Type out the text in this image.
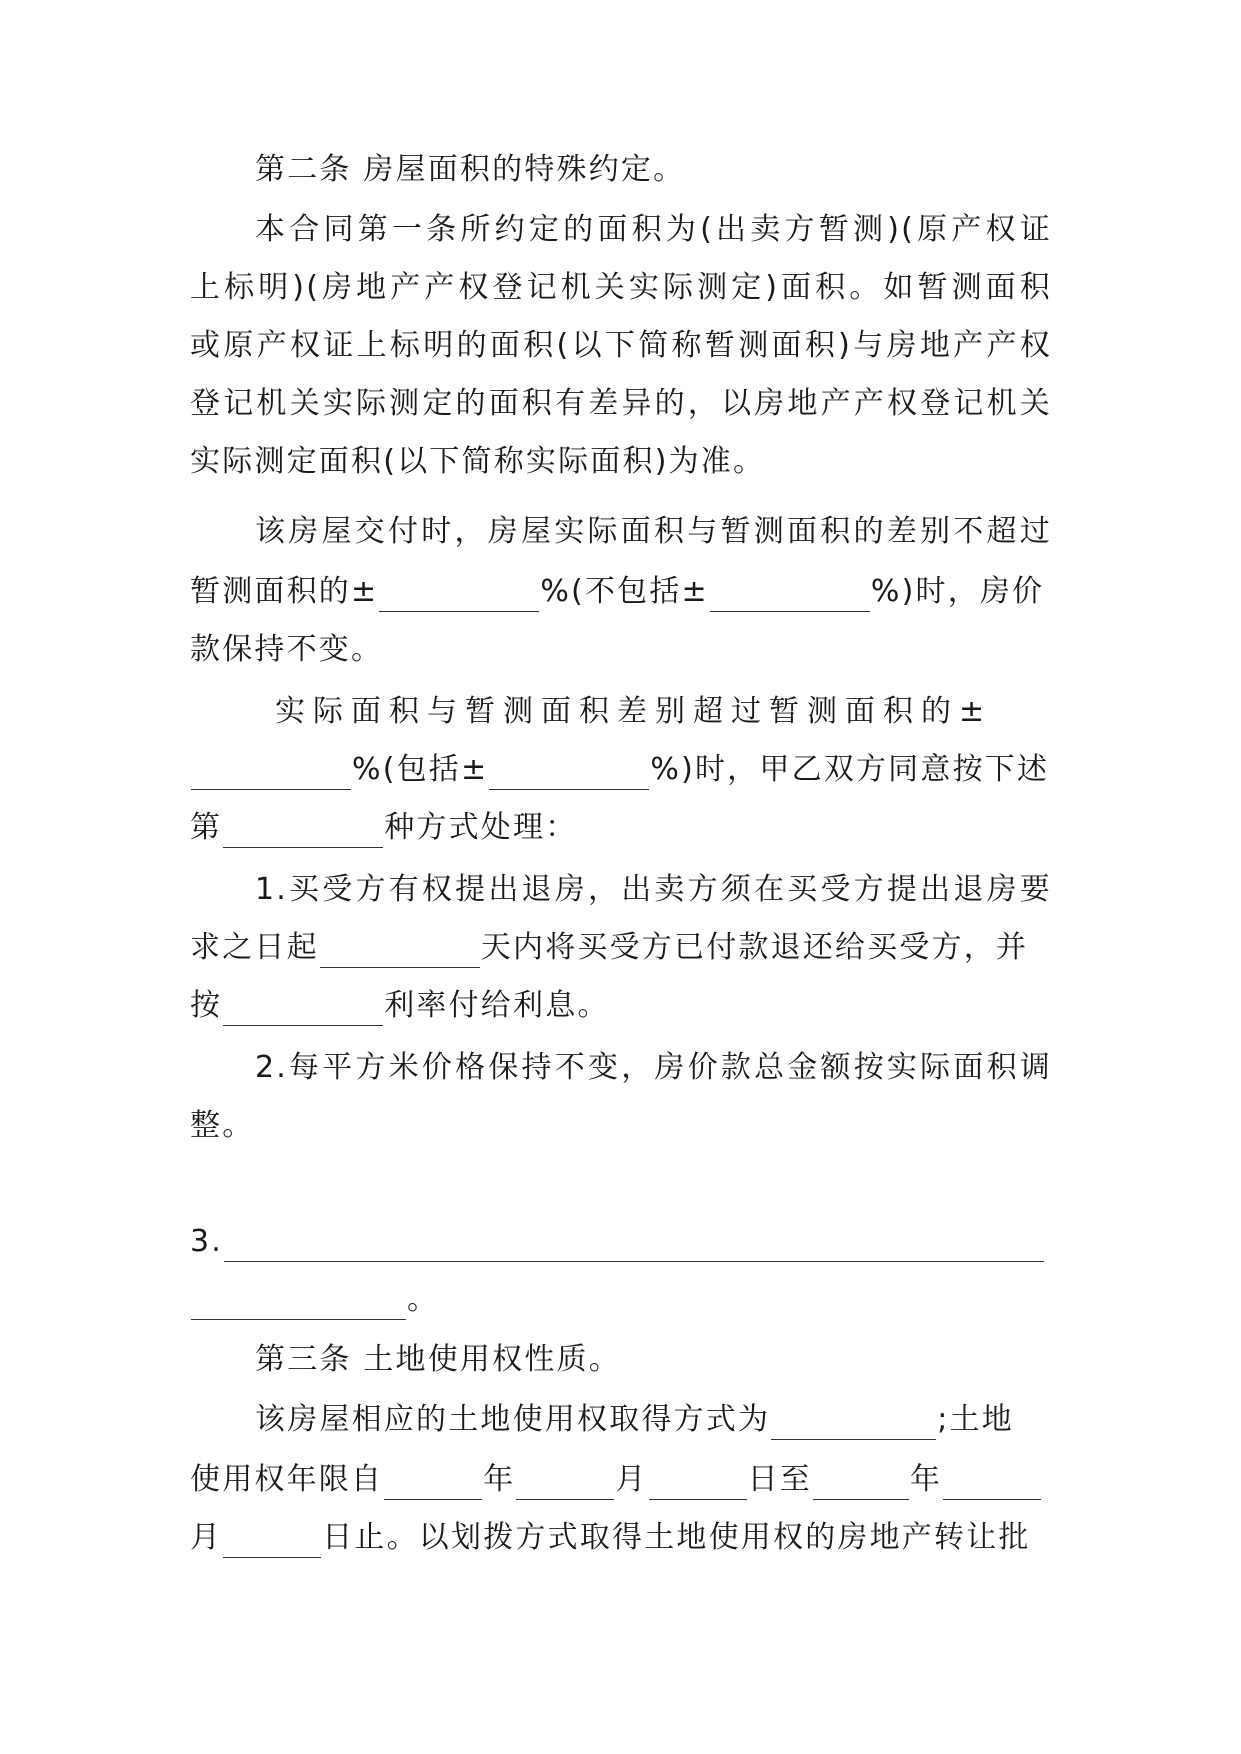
第二条 房屋面积的特殊约定。
本合同第一条所约定的面积为(出卖方暂测)(原产权证
上标明)(房地产产权登记机关实际测定)面积。如暂测面积
或原产权证上标明的面积(以下简称暂测面积)与房地产产权
登记机关实际测定的面积有差异的，以房地产产权登记机关
实际测定面积(以下简称实际面积)为准。
该房屋交付时，房屋实际面积与暂测面积的差别不超过
暂测面积的±	%(不包括±	%)时，房价
款保持不变。
实际面积与暂测面积差别超过暂测面积的±
%(包括±	%)时，甲乙双方同意按下述
第	种方式处理：
1.买受方有权提出退房，出卖方须在买受方提出退房要
求之日起	天内将买受方已付款退还给买受方，并
按	利率付给利息。
2.每平方米价格保持不变，房价款总金额按实际面积调
整。
3.
。
第三条 土地使用权性质。
该房屋相应的土地使用权取得方式为	;土地
使用权年限自	年	月	日至	年
月	日止。以划拨方式取得土地使用权的房地产转让批
